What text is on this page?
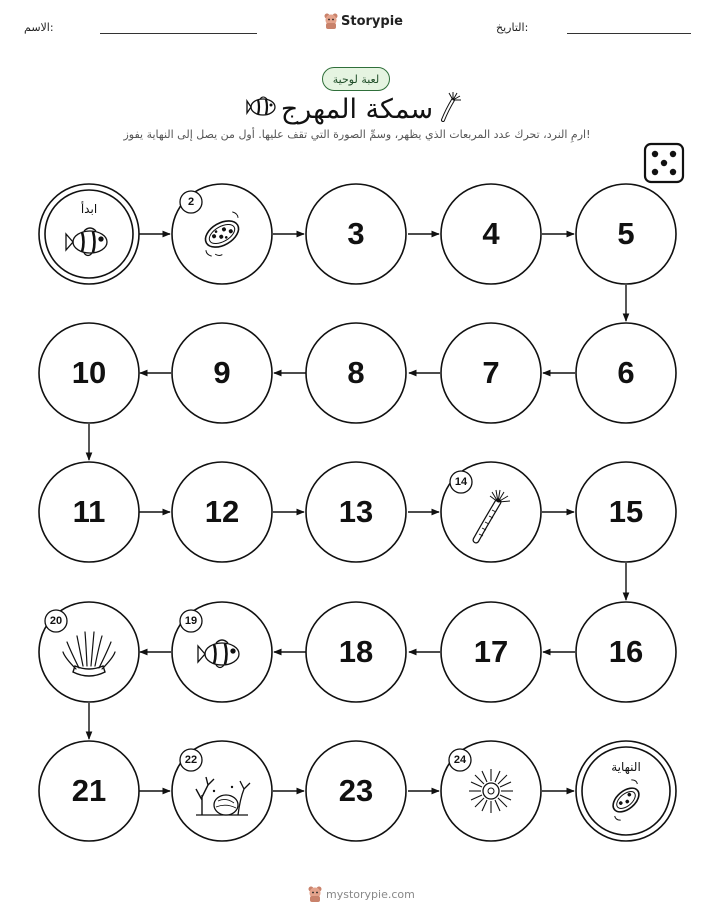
الاسم:	Storypie	التاريخ:
لعبة لوحية
سمكة المهرج
ارمِ النرد، تحرك عدد المربعات الذي يظهر، وسمِّ الصورة التي تقف عليها. أول من يصل إلى النهاية يفوز!
ابدأ
النهاية
2
3	4	5
6
7
8
9
10
11	12	13
14
15
16
17
18
19
20
21
22
23
24
mystorypie.com
